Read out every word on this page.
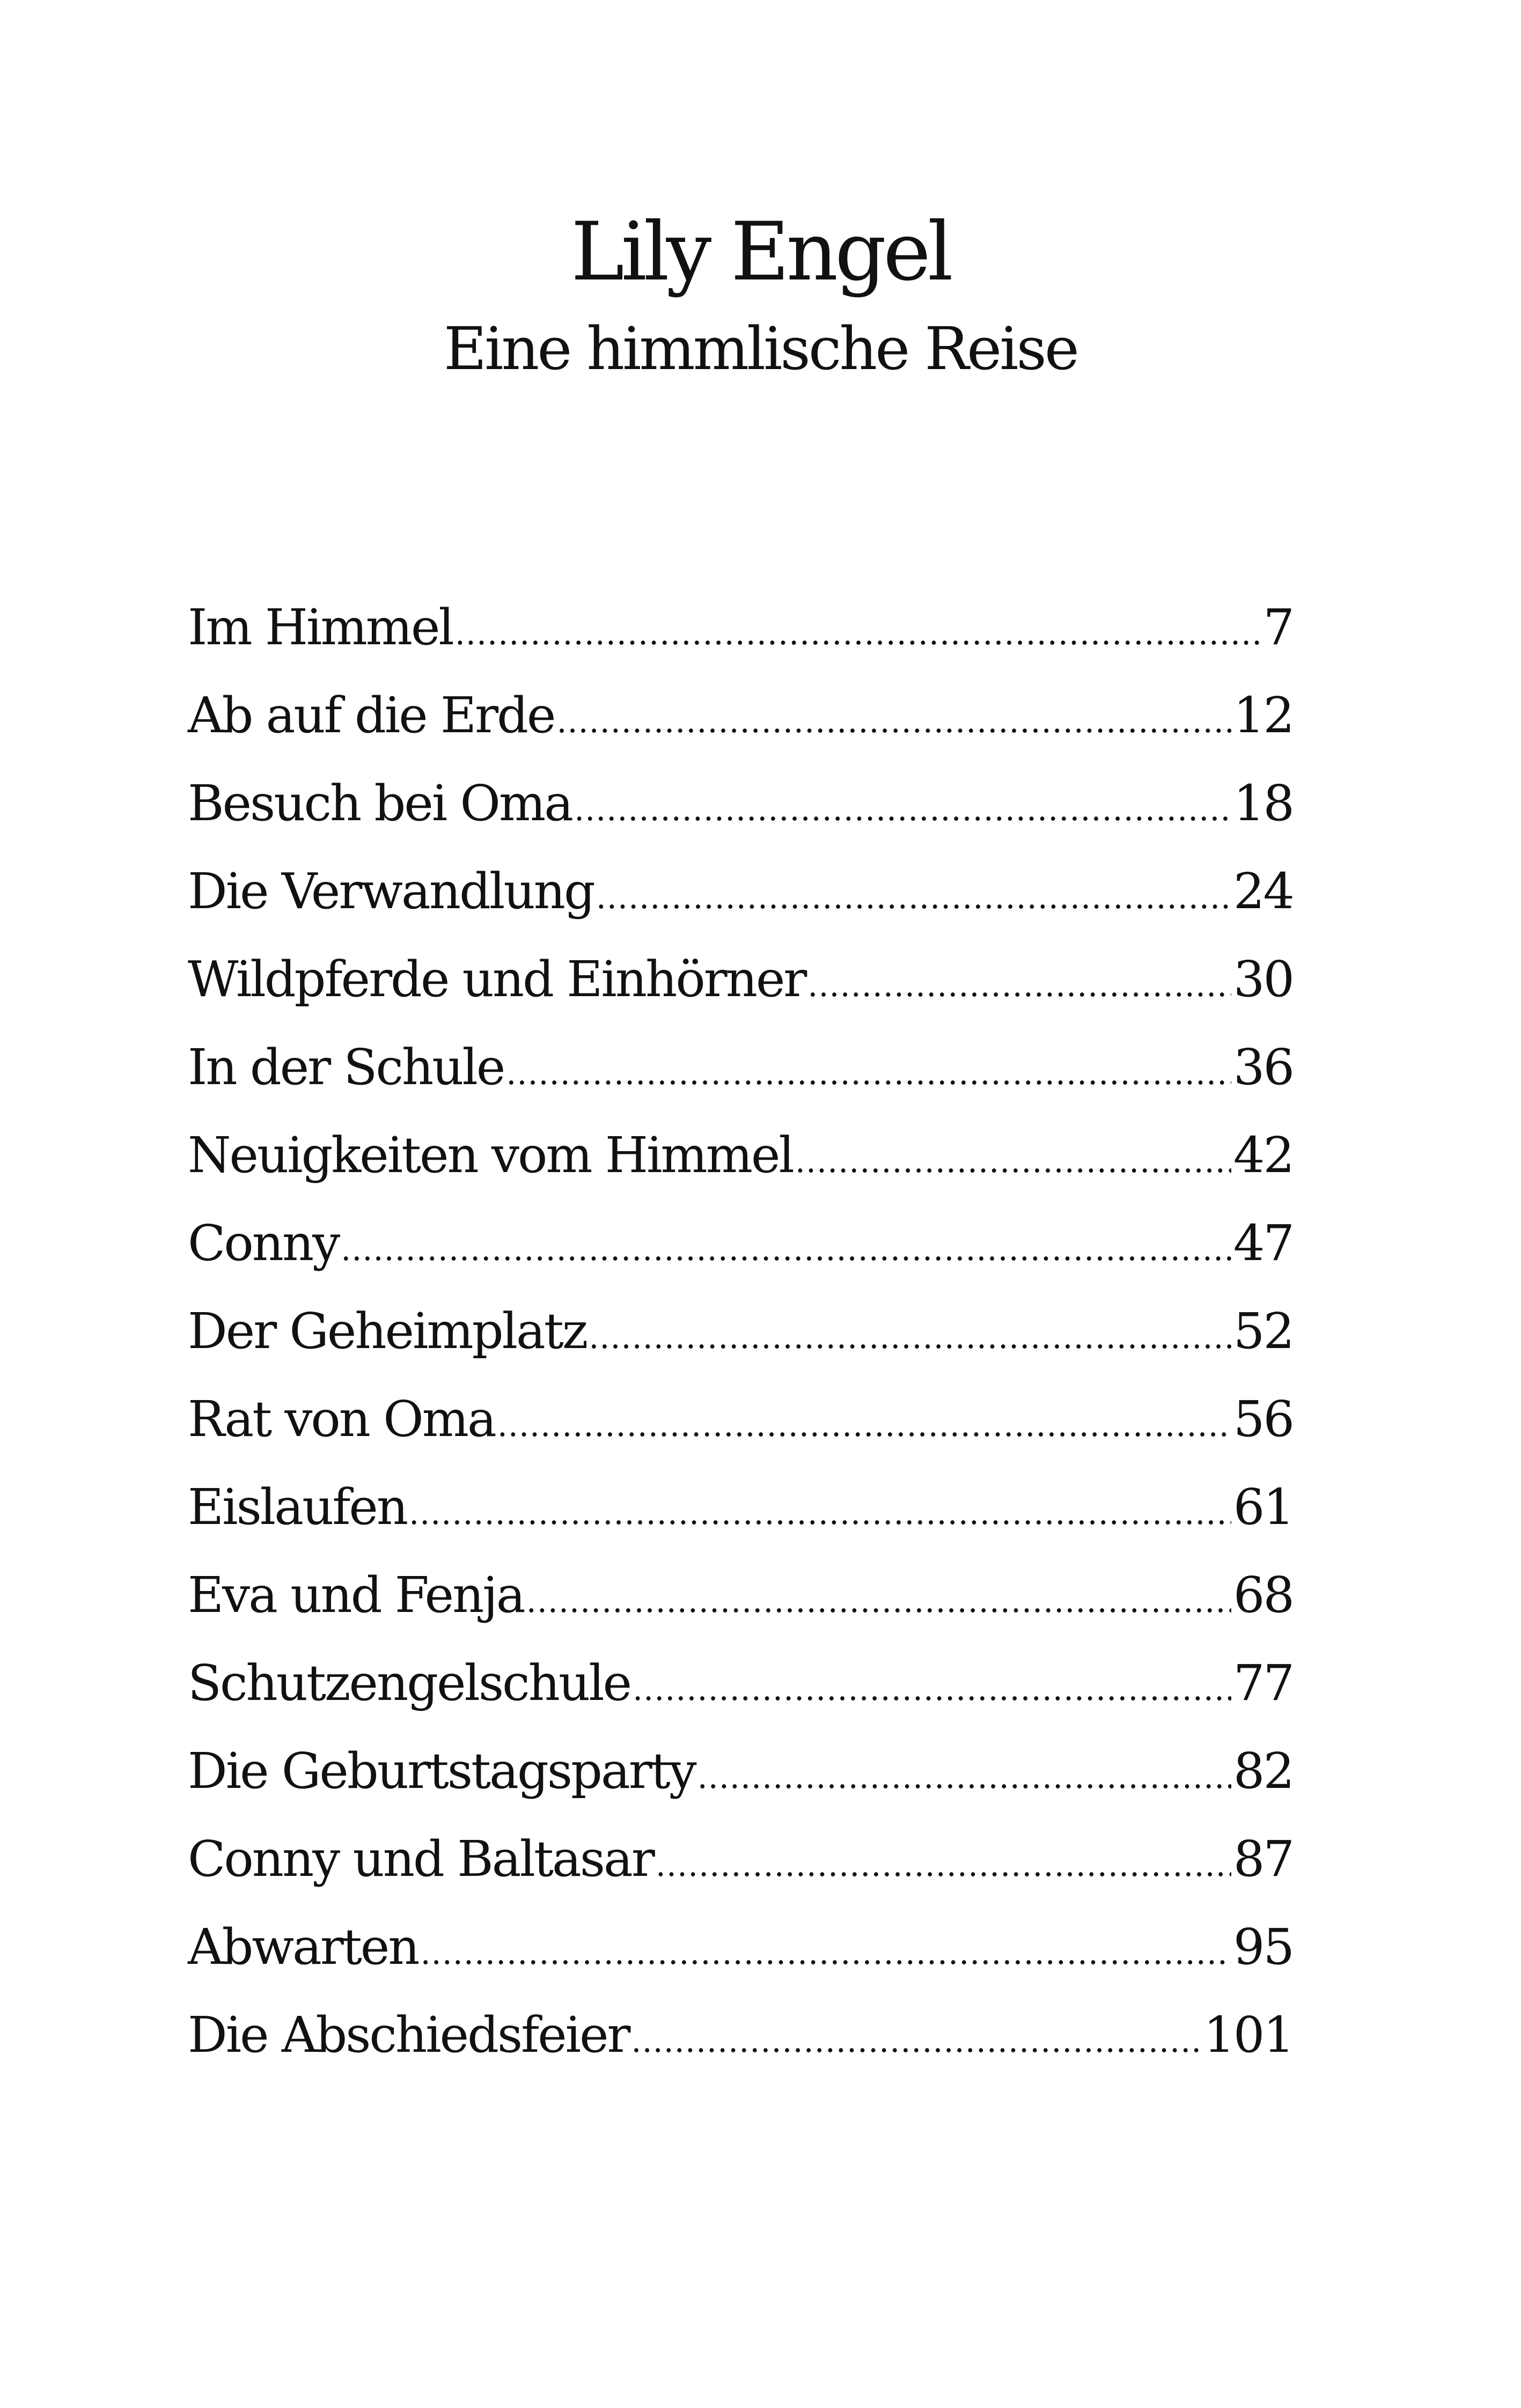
Lily Engel
Eine himmlische Reise
Im Himmel .....	7
Ab auf die Erde .....	12
Besuch bei Oma .....	18
Die Verwandlung .....	24
Wildpferde und Einhörner .....	30
In der Schule .....	36
Neuigkeiten vom Himmel .....	42
Conny .....	47
Der Geheimplatz .....	52
Rat von Oma .....	56
Eislaufen .....	61
Eva und Fenja .....	68
Schutzengelschule .....	77
Die Geburtstagsparty .....	82
Conny und Baltasar .....	87
Abwarten .....	95
Die Abschiedsfeier .....	101
